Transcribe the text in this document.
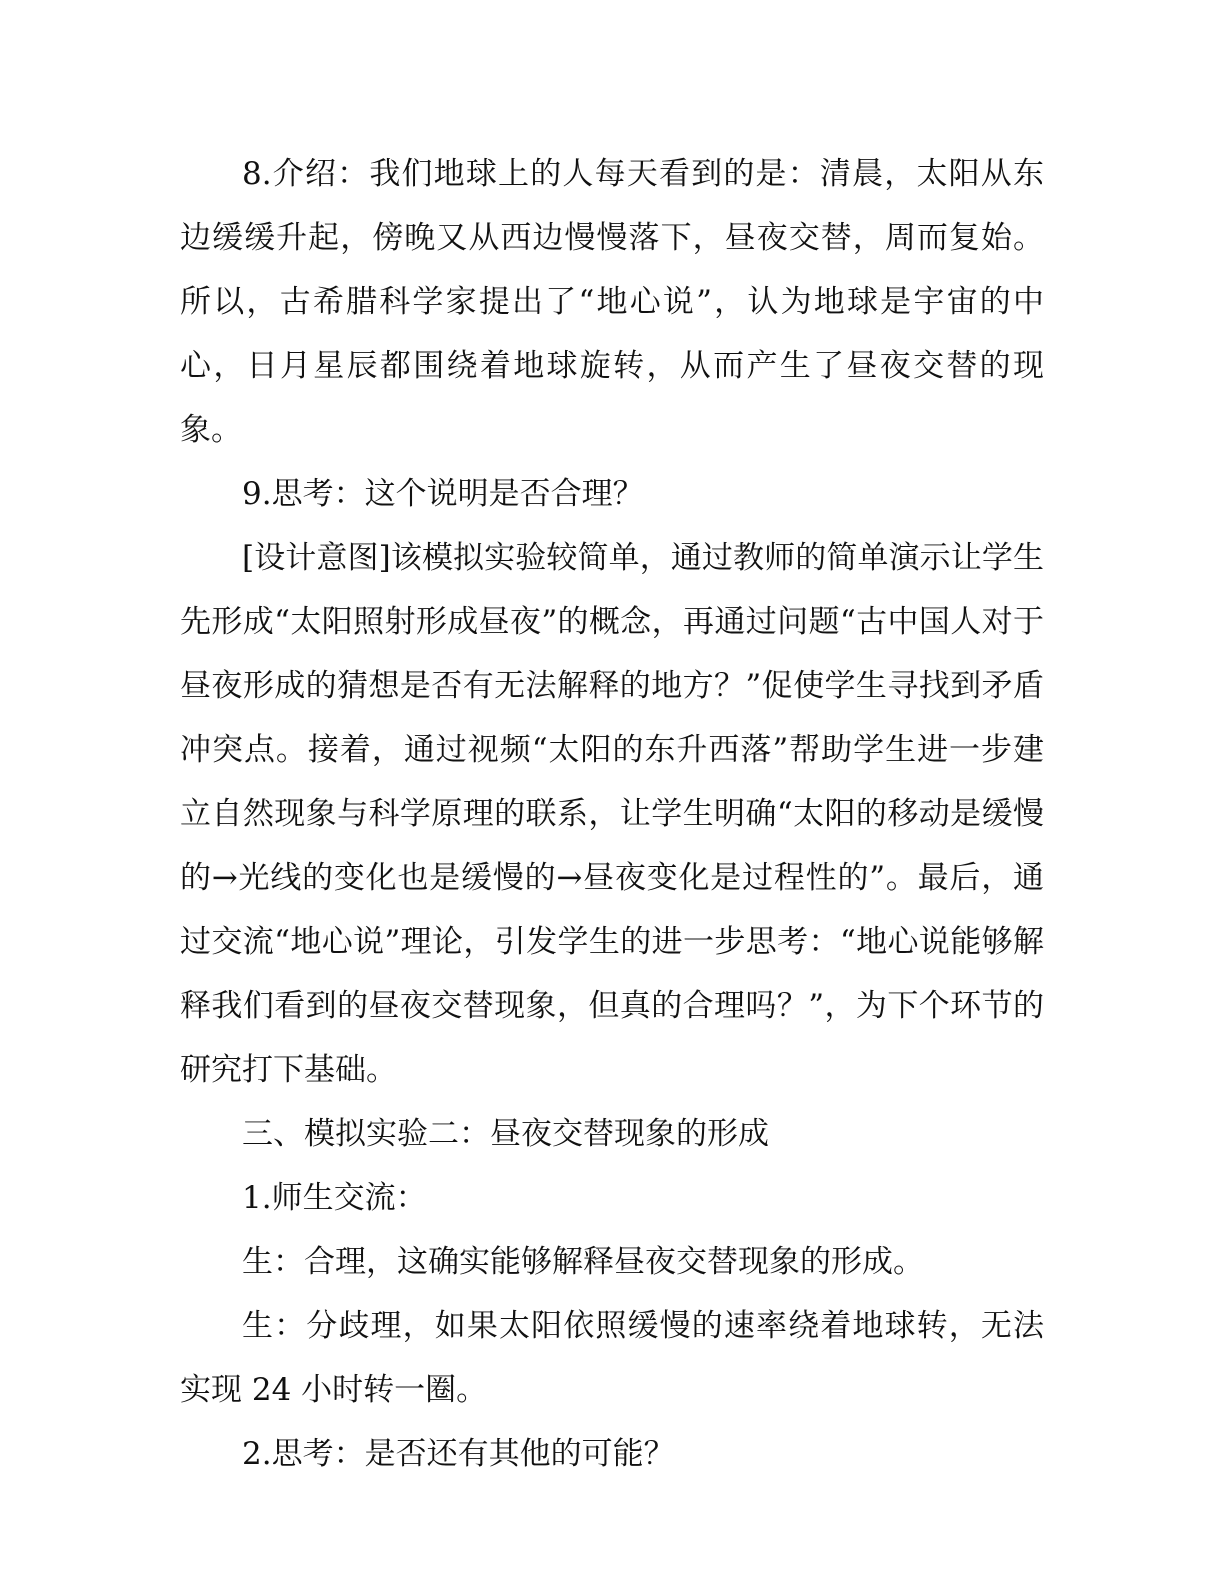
8.介绍：我们地球上的人每天看到的是：清晨，太阳从东边缓缓升起，傍晚又从西边慢慢落下，昼夜交替，周而复始。所以，古希腊科学家提出了“地心说”，认为地球是宇宙的中心，日月星辰都围绕着地球旋转，从而产生了昼夜交替的现象。

9.思考：这个说明是否合理？

[设计意图]该模拟实验较简单，通过教师的简单演示让学生先形成“太阳照射形成昼夜”的概念，再通过问题“古中国人对于昼夜形成的猜想是否有无法解释的地方？”促使学生寻找到矛盾冲突点。接着，通过视频“太阳的东升西落”帮助学生进一步建立自然现象与科学原理的联系，让学生明确“太阳的移动是缓慢的→光线的变化也是缓慢的→昼夜变化是过程性的”。最后，通过交流“地心说”理论，引发学生的进一步思考：“地心说能够解释我们看到的昼夜交替现象，但真的合理吗？”，为下个环节的研究打下基础。

三、模拟实验二：昼夜交替现象的形成

1.师生交流：

生：合理，这确实能够解释昼夜交替现象的形成。

生：分歧理，如果太阳依照缓慢的速率绕着地球转，无法实现 24 小时转一圈。

2.思考：是否还有其他的可能？
